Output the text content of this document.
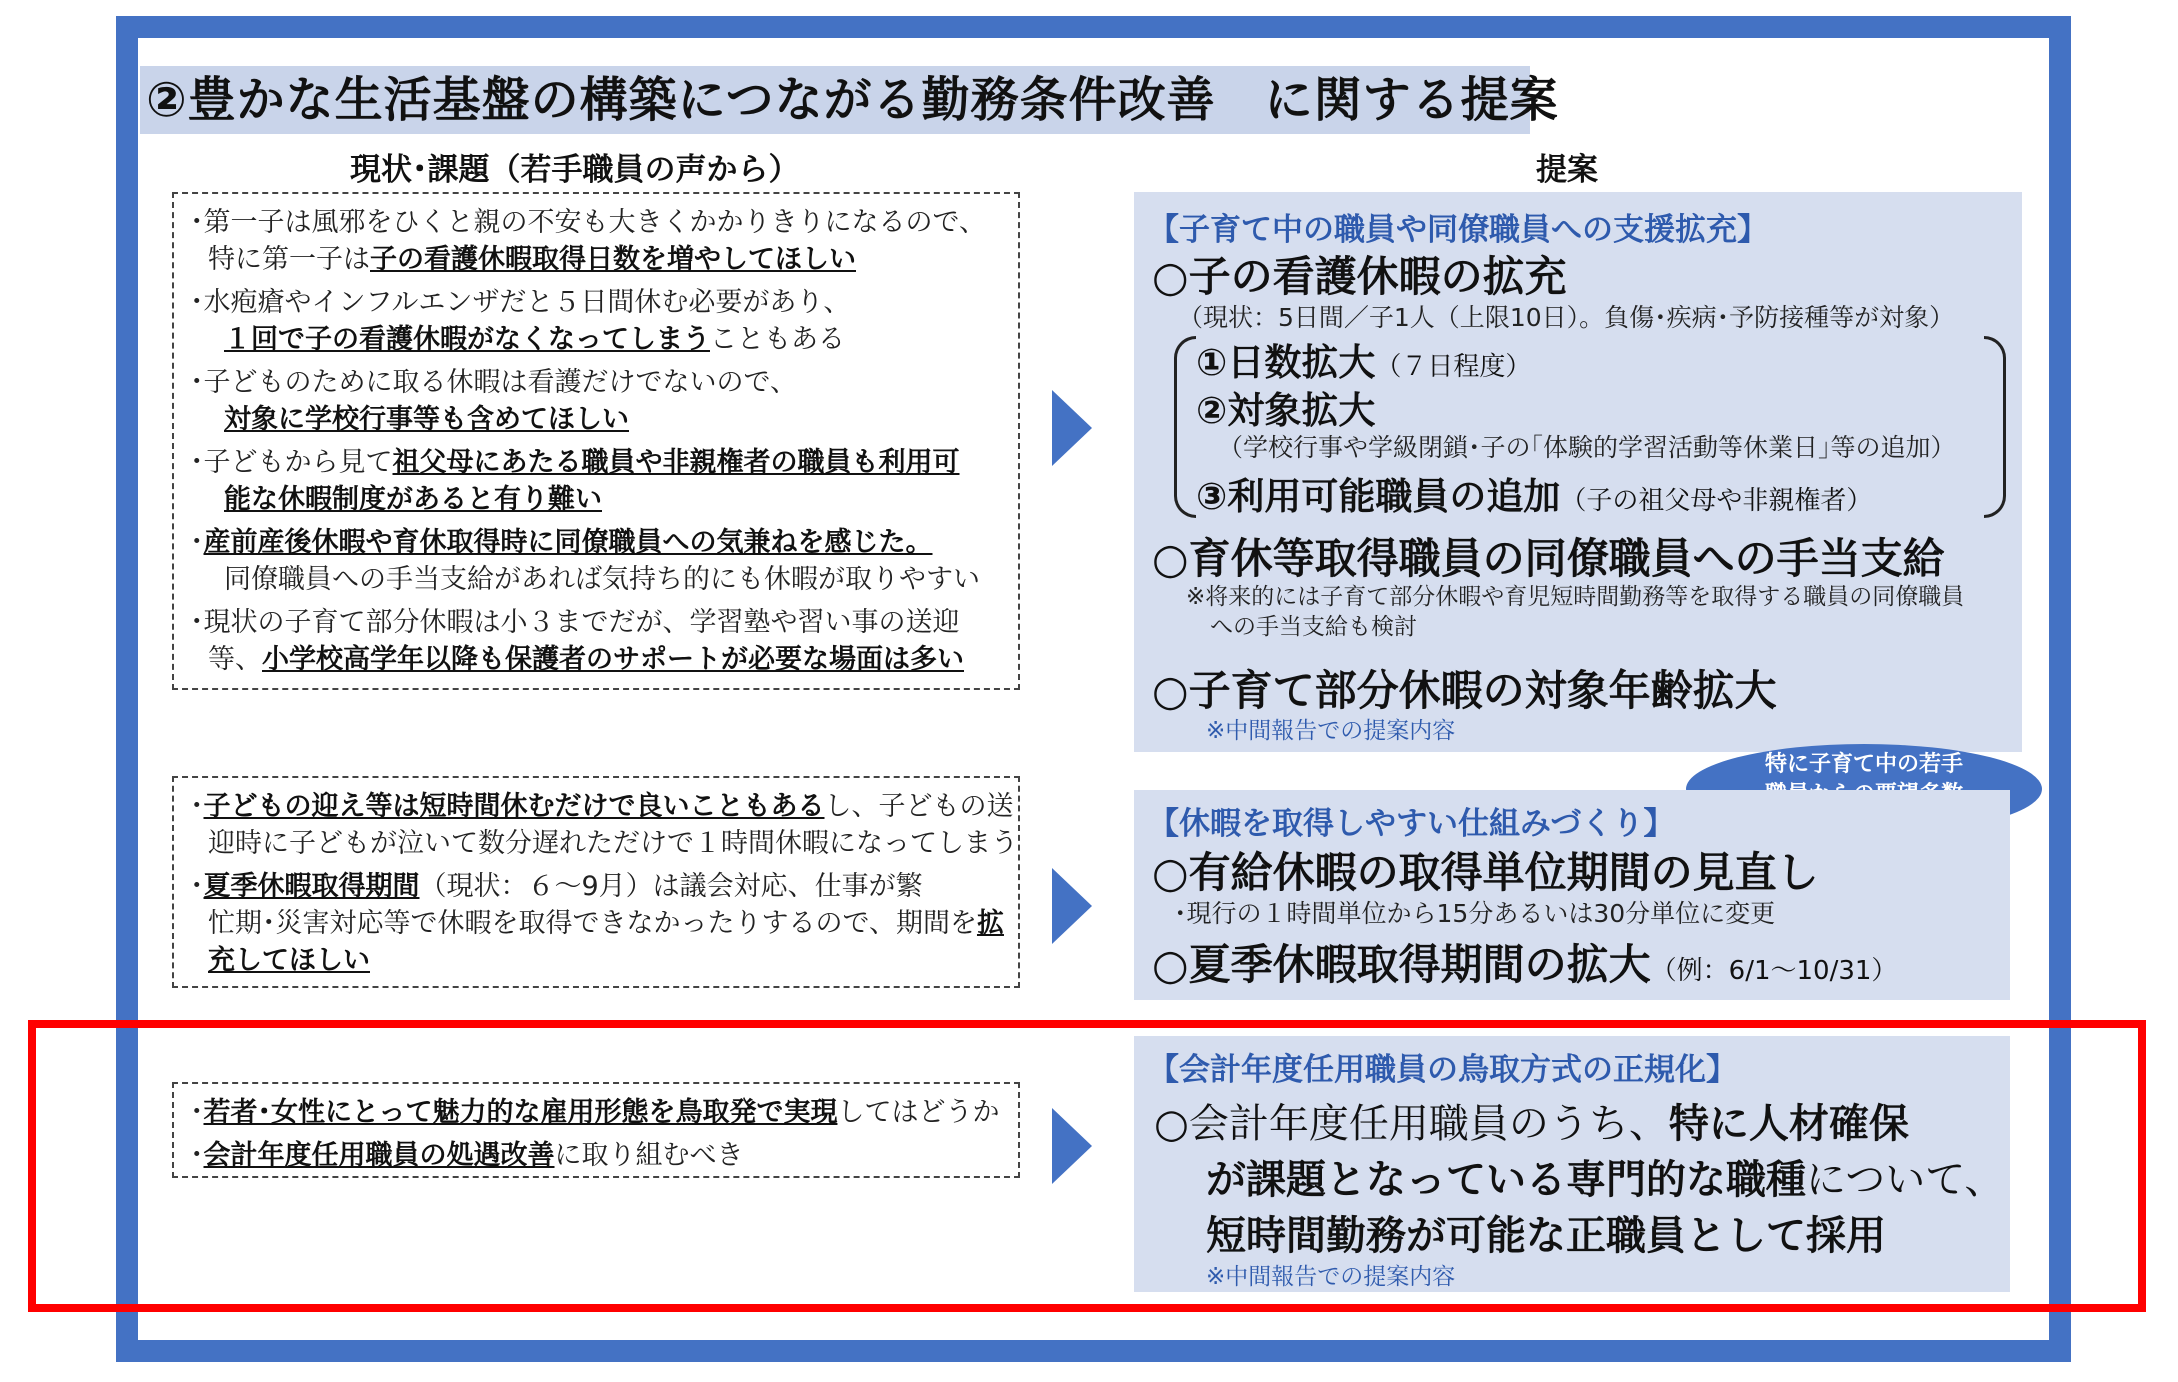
②豊かな生活基盤の構築につながる勤務条件改善　に関する提案
現状･課題（若手職員の声から）	提案

･第一子は風邪をひくと親の不安も大きくかかりきりになるので、
特に第一子は子の看護休暇取得日数を増やしてほしい

･水疱瘡やインフルエンザだと５日間休む必要があり、
１回で子の看護休暇がなくなってしまうこともある

･子どものために取る休暇は看護だけでないので、
対象に学校行事等も含めてほしい

･子どもから見て祖父母にあたる職員や非親権者の職員も利用可
能な休暇制度があると有り難い

･産前産後休暇や育休取得時に同僚職員への気兼ねを感じた。
同僚職員への手当支給があれば気持ち的にも休暇が取りやすい

･現状の子育て部分休暇は小３までだが、学習塾や習い事の送迎
等、小学校高学年以降も保護者のサポートが必要な場面は多い

･子どもの迎え等は短時間休むだけで良いこともあるし、子どもの送
迎時に子どもが泣いて数分遅れただけで１時間休暇になってしまう

･夏季休暇取得期間（現状：６～9月）は議会対応、仕事が繁
忙期･災害対応等で休暇を取得できなかったりするので、期間を拡
充してほしい

･若者･女性にとって魅力的な雇用形態を鳥取発で実現してはどうか

･会計年度任用職員の処遇改善に取り組むべき

【子育て中の職員や同僚職員への支援拡充】
○子の看護休暇の拡充
（現状：5日間／子1人（上限10日）。負傷･疾病･予防接種等が対象）
①日数拡大（７日程度）
②対象拡大
（学校行事や学級閉鎖･子の｢体験的学習活動等休業日｣等の追加）
③利用可能職員の追加（子の祖父母や非親権者）
○育休等取得職員の同僚職員への手当支給
※将来的には子育て部分休暇や育児短時間勤務等を取得する職員の同僚職員
への手当支給も検討
○子育て部分休暇の対象年齢拡大
※中間報告での提案内容
特に子育て中の若手

【休暇を取得しやすい仕組みづくり】
○有給休暇の取得単位期間の見直し
･現行の１時間単位から15分あるいは30分単位に変更
○夏季休暇取得期間の拡大（例：6/1～10/31）
【会計年度任用職員の鳥取方式の正規化】
○会計年度任用職員のうち、特に人材確保
が課題となっている専門的な職種について、
短時間勤務が可能な正職員として採用
※中間報告での提案内容
